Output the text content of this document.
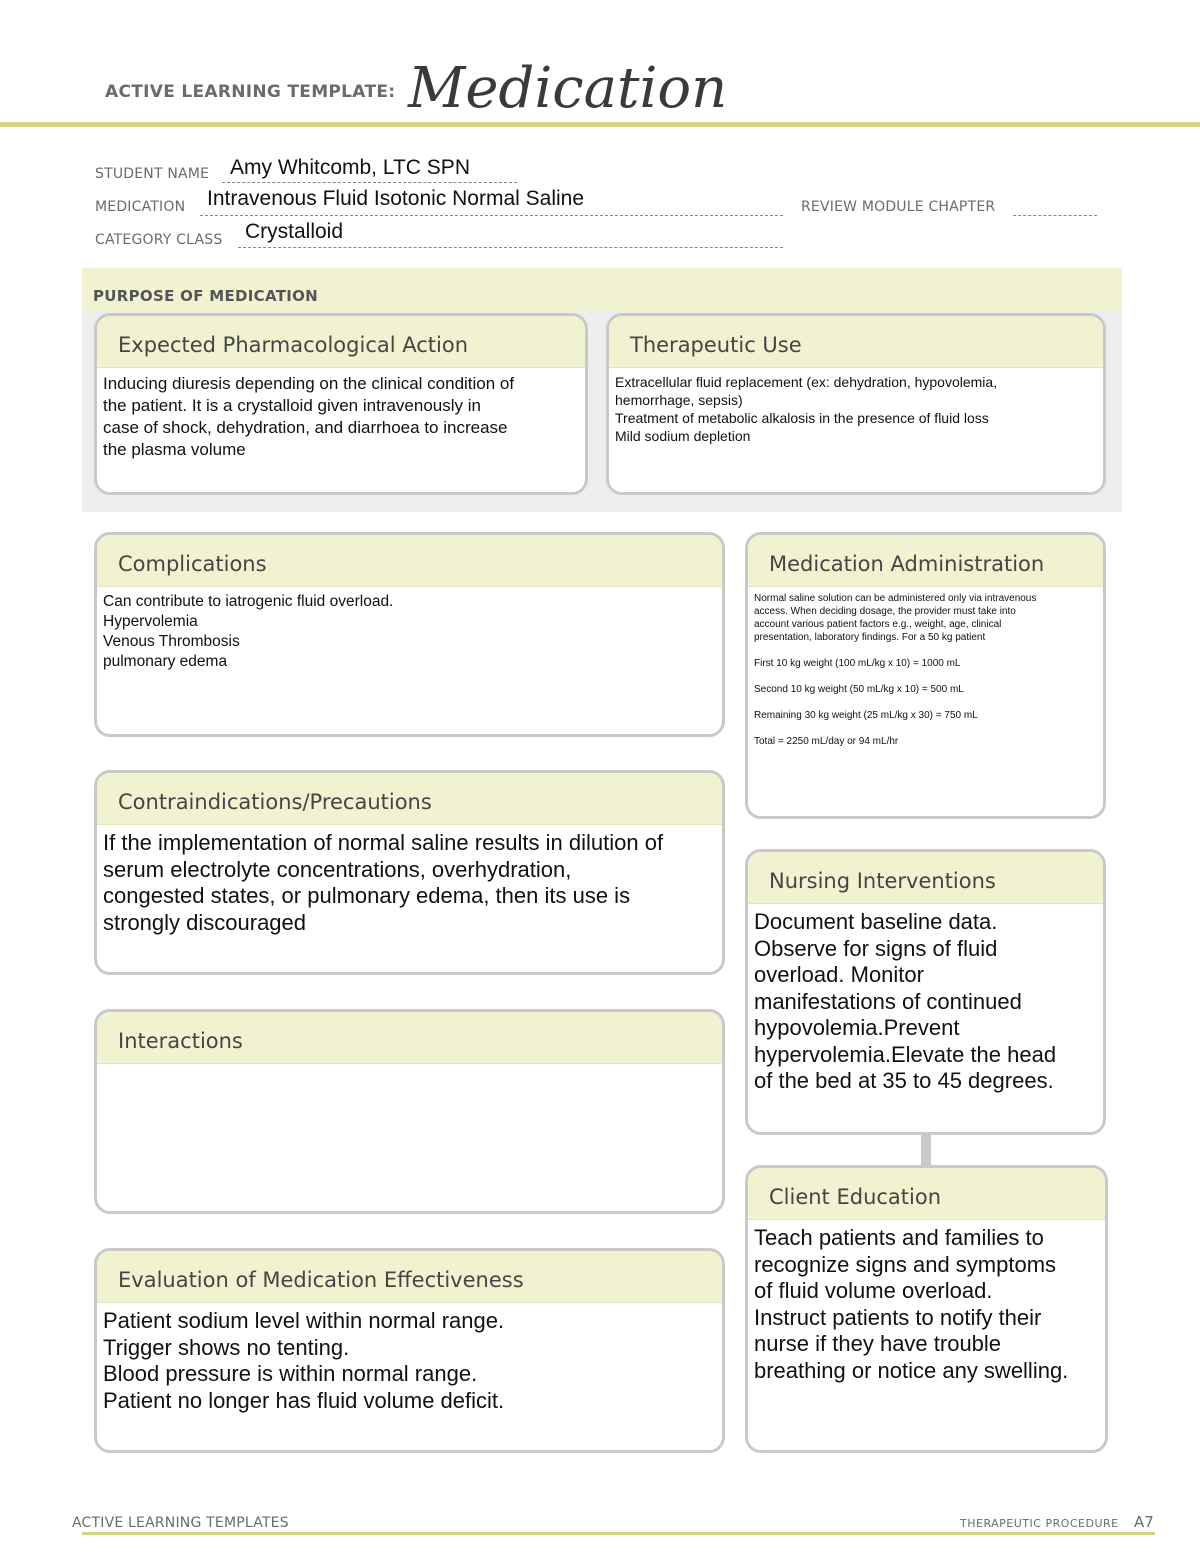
ACTIVE LEARNING TEMPLATE: Medication
STUDENT NAME Amy Whitcomb, LTC SPN
MEDICATION Intravenous Fluid Isotonic Normal Saline	REVIEW MODULE CHAPTER
CATEGORY CLASS Crystalloid
PURPOSE OF MEDICATION
Expected Pharmacological Action
Inducing diuresis depending on the clinical condition of
the patient. It is a crystalloid given intravenously in
case of shock, dehydration, and diarrhoea to increase
the plasma volume
Therapeutic Use
Extracellular fluid replacement (ex: dehydration, hypovolemia,
hemorrhage, sepsis)
Treatment of metabolic alkalosis in the presence of fluid loss
Mild sodium depletion
Complications
Can contribute to iatrogenic fluid overload.
Hypervolemia
Venous Thrombosis
pulmonary edema
Medication Administration
Normal saline solution can be administered only via intravenous
access. When deciding dosage, the provider must take into
account various patient factors e.g., weight, age, clinical
presentation, laboratory findings. For a 50 kg patient
First 10 kg weight (100 mL/kg x 10) = 1000 mL
Second 10 kg weight (50 mL/kg x 10) = 500 mL
Remaining 30 kg weight (25 mL/kg x 30) = 750 mL
Total = 2250 mL/day or 94 mL/hr
Contraindications/Precautions
If the implementation of normal saline results in dilution of
serum electrolyte concentrations, overhydration,
congested states, or pulmonary edema, then its use is
strongly discouraged
Nursing Interventions
Document baseline data.
Observe for signs of fluid
overload. Monitor
manifestations of continued
hypovolemia.Prevent
hypervolemia.Elevate the head
of the bed at 35 to 45 degrees.
Interactions
Client Education
Teach patients and families to
recognize signs and symptoms
of fluid volume overload.
Instruct patients to notify their
nurse if they have trouble
breathing or notice any swelling.
Evaluation of Medication Effectiveness
Patient sodium level within normal range.
Trigger shows no tenting.
Blood pressure is within normal range.
Patient no longer has fluid volume deficit.
ACTIVE LEARNING TEMPLATES	THERAPEUTIC PROCEDURE A7
